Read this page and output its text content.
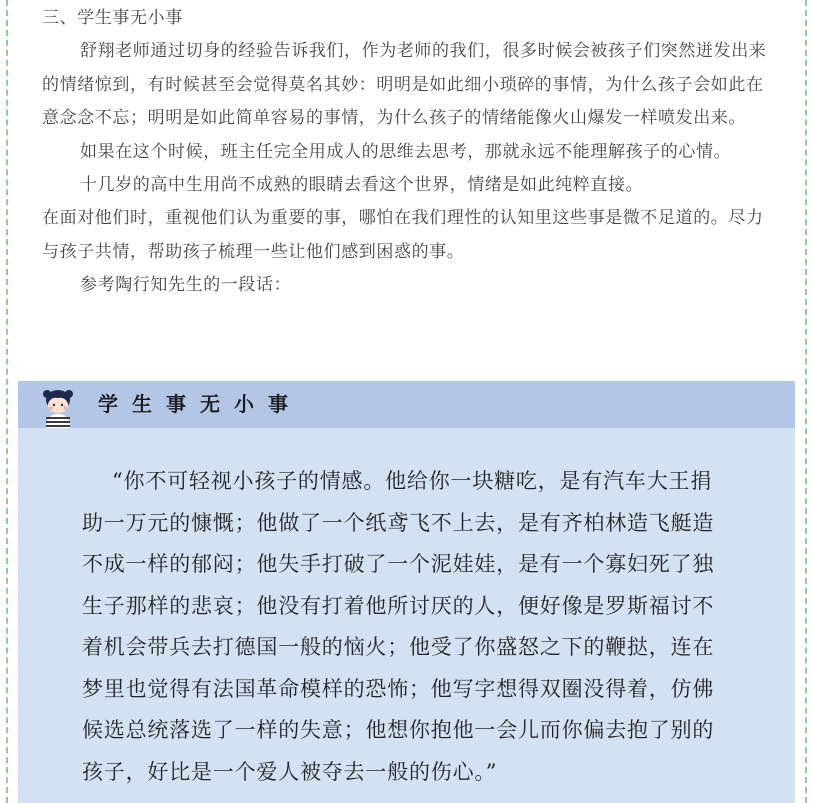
三、学生事无小事

舒翔老师通过切身的经验告诉我们，作为老师的我们，很多时候会被孩子们突然迸发出来的情绪惊到，有时候甚至会觉得莫名其妙：明明是如此细小琐碎的事情，为什么孩子会如此在意念念不忘；明明是如此简单容易的事情，为什么孩子的情绪能像火山爆发一样喷发出来。

如果在这个时候，班主任完全用成人的思维去思考，那就永远不能理解孩子的心情。

十几岁的高中生用尚不成熟的眼睛去看这个世界，情绪是如此纯粹直接。

在面对他们时，重视他们认为重要的事，哪怕在我们理性的认知里这些事是微不足道的。尽力与孩子共情，帮助孩子梳理一些让他们感到困惑的事。

参考陶行知先生的一段话：

学生事无小事

“你不可轻视小孩子的情感。他给你一块糖吃，是有汽车大王捐助一万元的慷慨；他做了一个纸鸢飞不上去，是有齐柏林造飞艇造不成一样的郁闷；他失手打破了一个泥娃娃，是有一个寡妇死了独生子那样的悲哀；他没有打着他所讨厌的人，便好像是罗斯福讨不着机会带兵去打德国一般的恼火；他受了你盛怒之下的鞭挞，连在梦里也觉得有法国革命模样的恐怖；他写字想得双圈没得着，仿佛候选总统落选了一样的失意；他想你抱他一会儿而你偏去抱了别的孩子，好比是一个爱人被夺去一般的伤心。”
